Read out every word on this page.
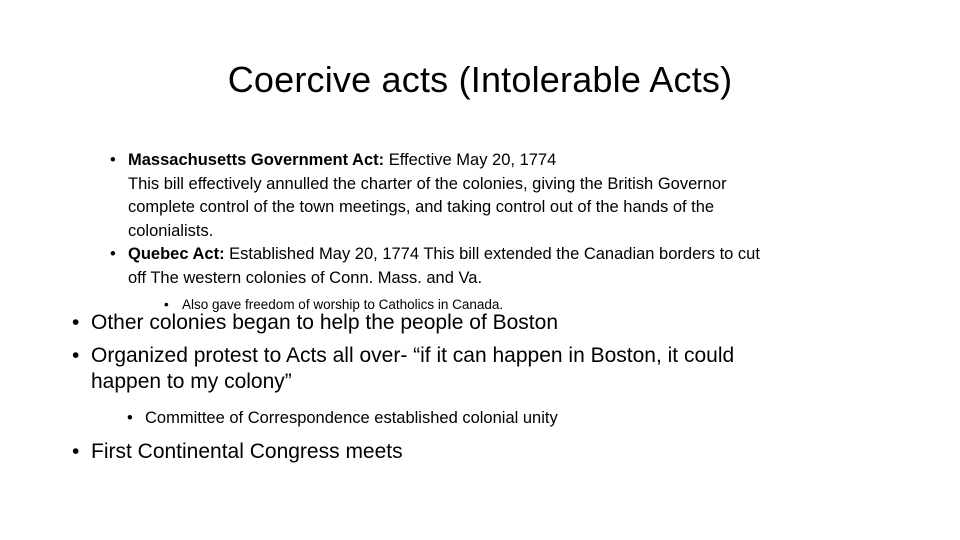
Coercive acts (Intolerable Acts)
• Massachusetts Government Act: Effective May 20, 1774
This bill effectively annulled the charter of the colonies, giving the British Governor
complete control of the town meetings, and taking control out of the hands of the
colonialists.
• Quebec Act: Established May 20, 1774 This bill extended the Canadian borders to cut
off The western colonies of Conn. Mass. and Va.
• Also gave freedom of worship to Catholics in Canada.
• Other colonies began to help the people of Boston
• Organized protest to Acts all over- “if it can happen in Boston, it could
happen to my colony”
• Committee of Correspondence established colonial unity
• First Continental Congress meets
